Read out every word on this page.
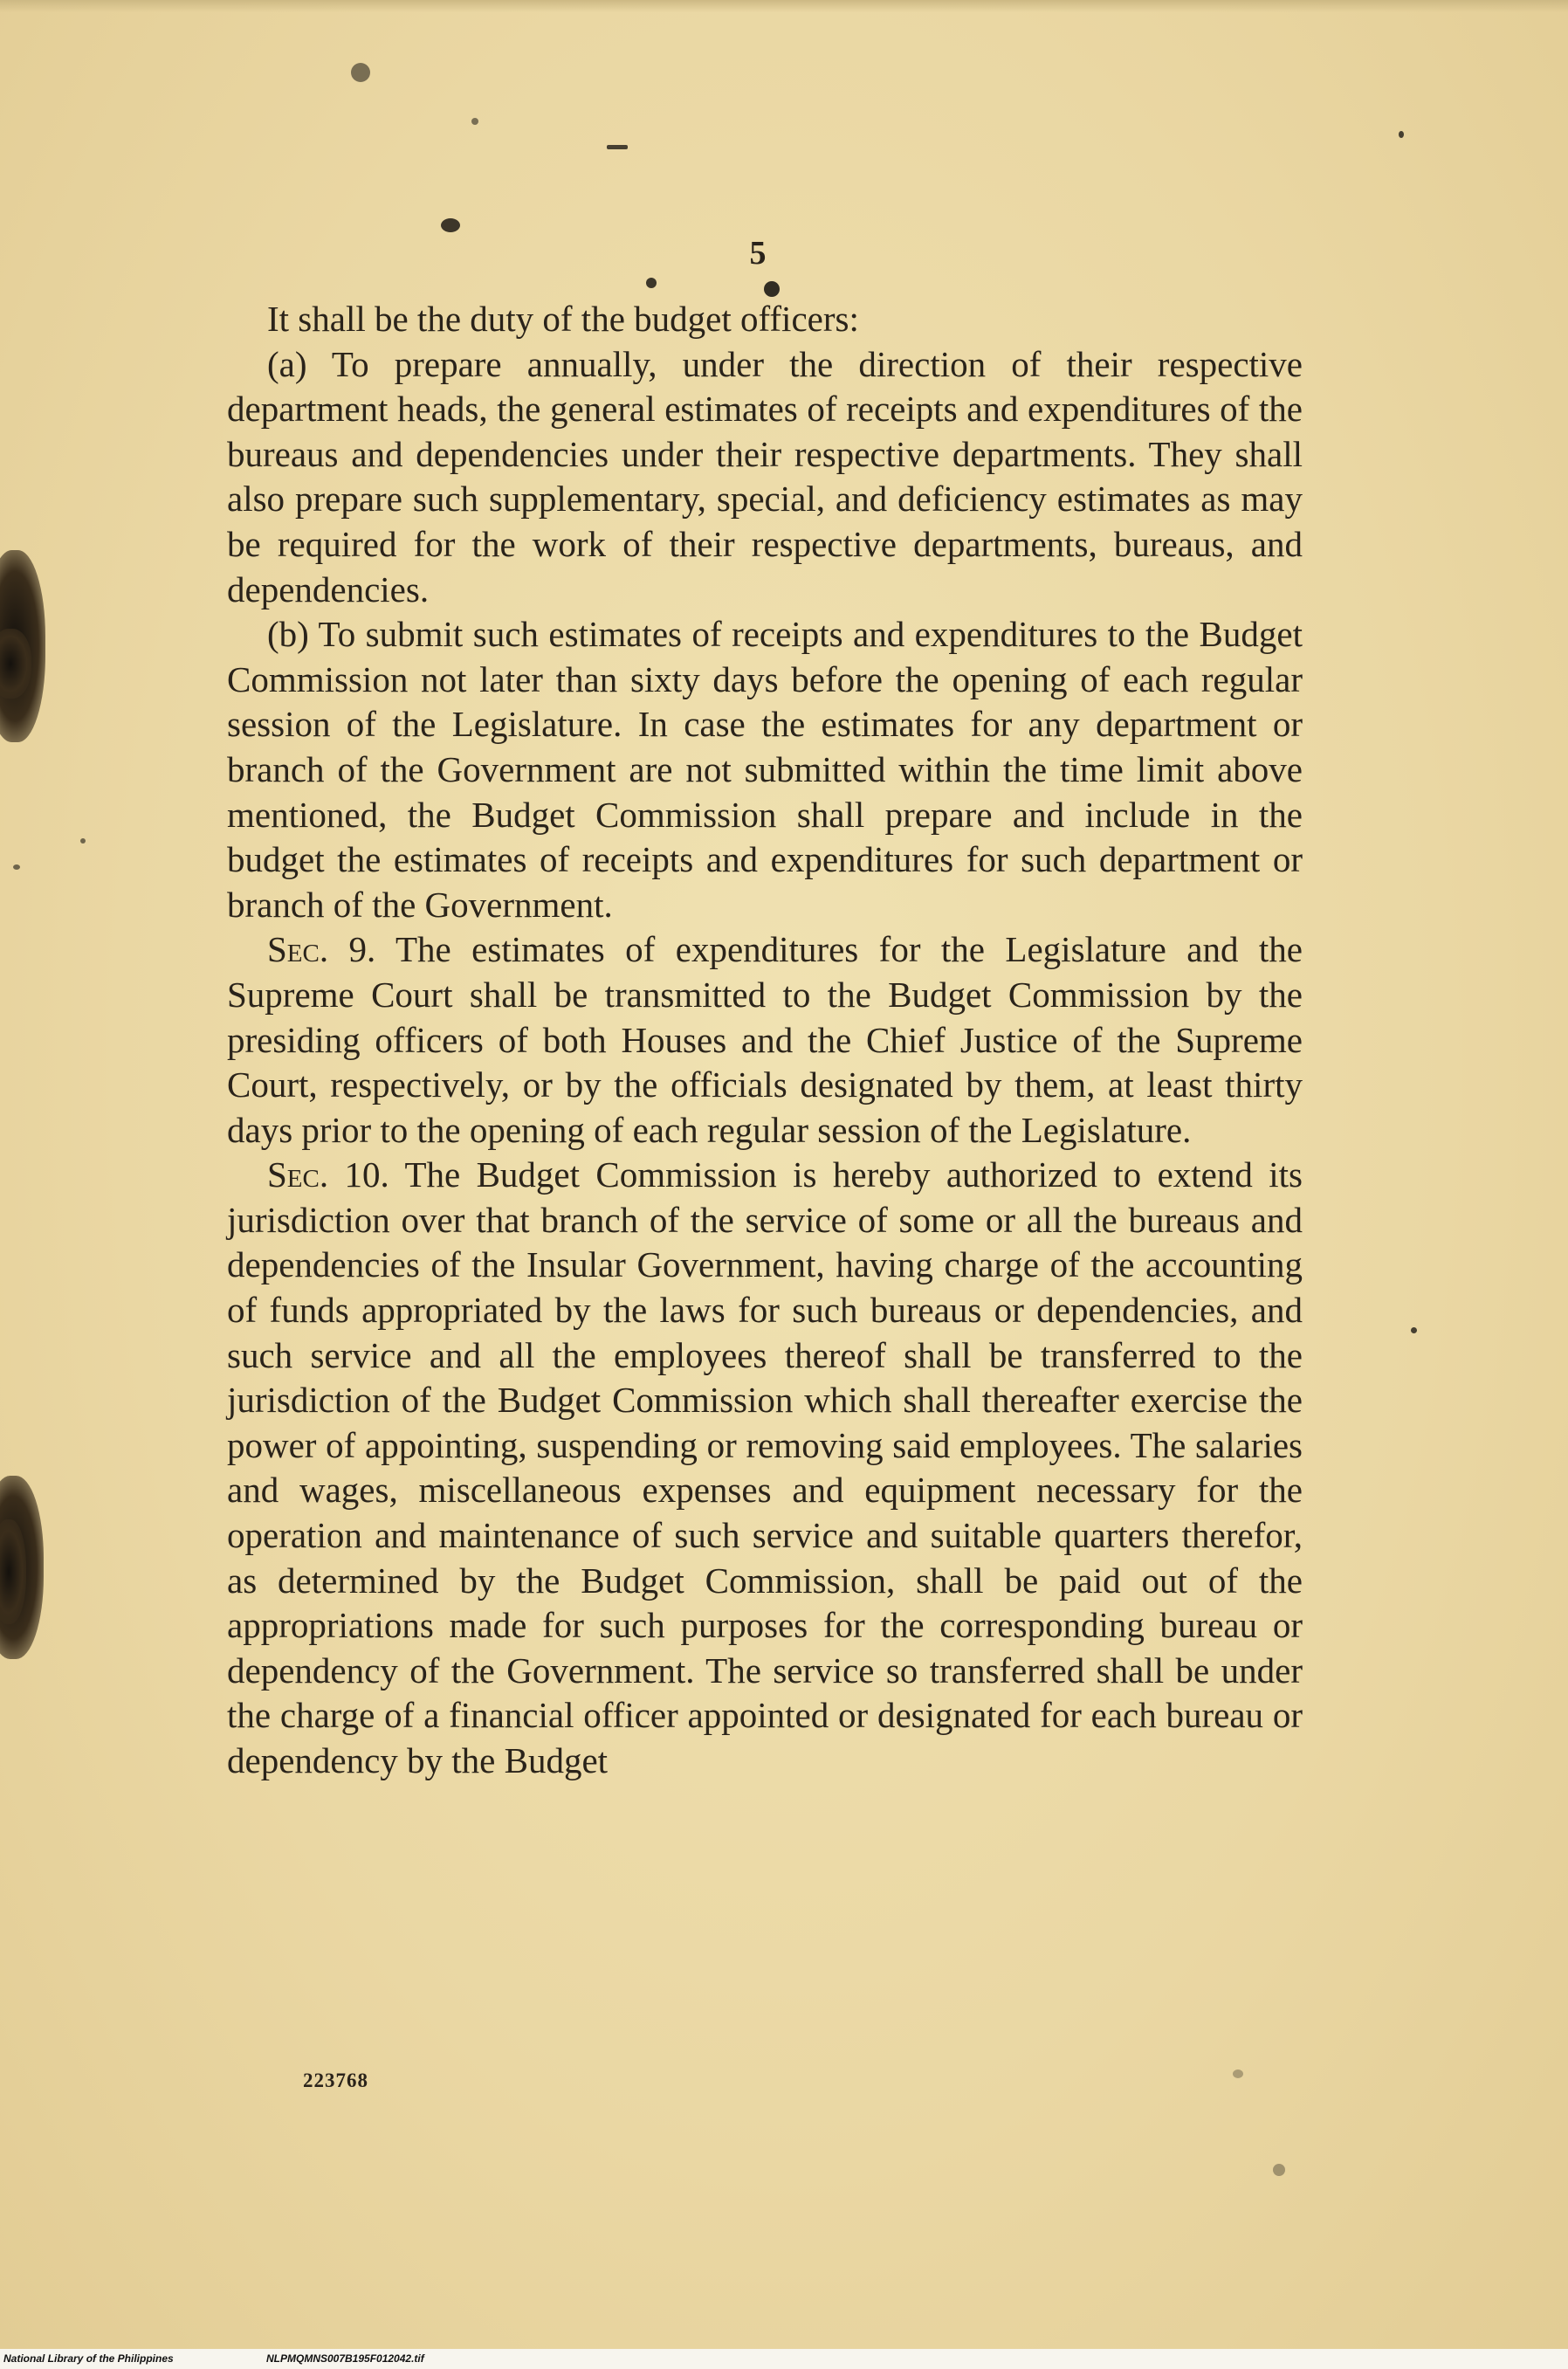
5

It shall be the duty of the budget officers:

(a) To prepare annually, under the direction of their respective department heads, the general estimates of receipts and expenditures of the bureaus and dependencies under their respective departments. They shall also prepare such supplementary, special, and deficiency estimates as may be required for the work of their respective departments, bureaus, and dependencies.

(b) To submit such estimates of receipts and expenditures to the Budget Commission not later than sixty days before the opening of each regular session of the Legislature. In case the estimates for any department or branch of the Government are not submitted within the time limit above mentioned, the Budget Commission shall prepare and include in the budget the estimates of receipts and expenditures for such department or branch of the Government.

Sec. 9. The estimates of expenditures for the Legislature and the Supreme Court shall be transmitted to the Budget Commission by the presiding officers of both Houses and the Chief Justice of the Supreme Court, respectively, or by the officials designated by them, at least thirty days prior to the opening of each regular session of the Legislature.

Sec. 10. The Budget Commission is hereby authorized to extend its jurisdiction over that branch of the service of some or all the bureaus and dependencies of the Insular Government, having charge of the accounting of funds appropriated by the laws for such bureaus or dependencies, and such service and all the employees thereof shall be transferred to the jurisdiction of the Budget Commission which shall thereafter exercise the power of appointing, suspending or removing said employees. The salaries and wages, miscellaneous expenses and equipment necessary for the operation and maintenance of such service and suitable quarters therefor, as determined by the Budget Commission, shall be paid out of the appropriations made for such purposes for the corresponding bureau or dependency of the Government. The service so transferred shall be under the charge of a financial officer appointed or designated for each bureau or dependency by the Budget

223768
National Library of the Philippines	NLPMQMNS007B195F012042.tif
